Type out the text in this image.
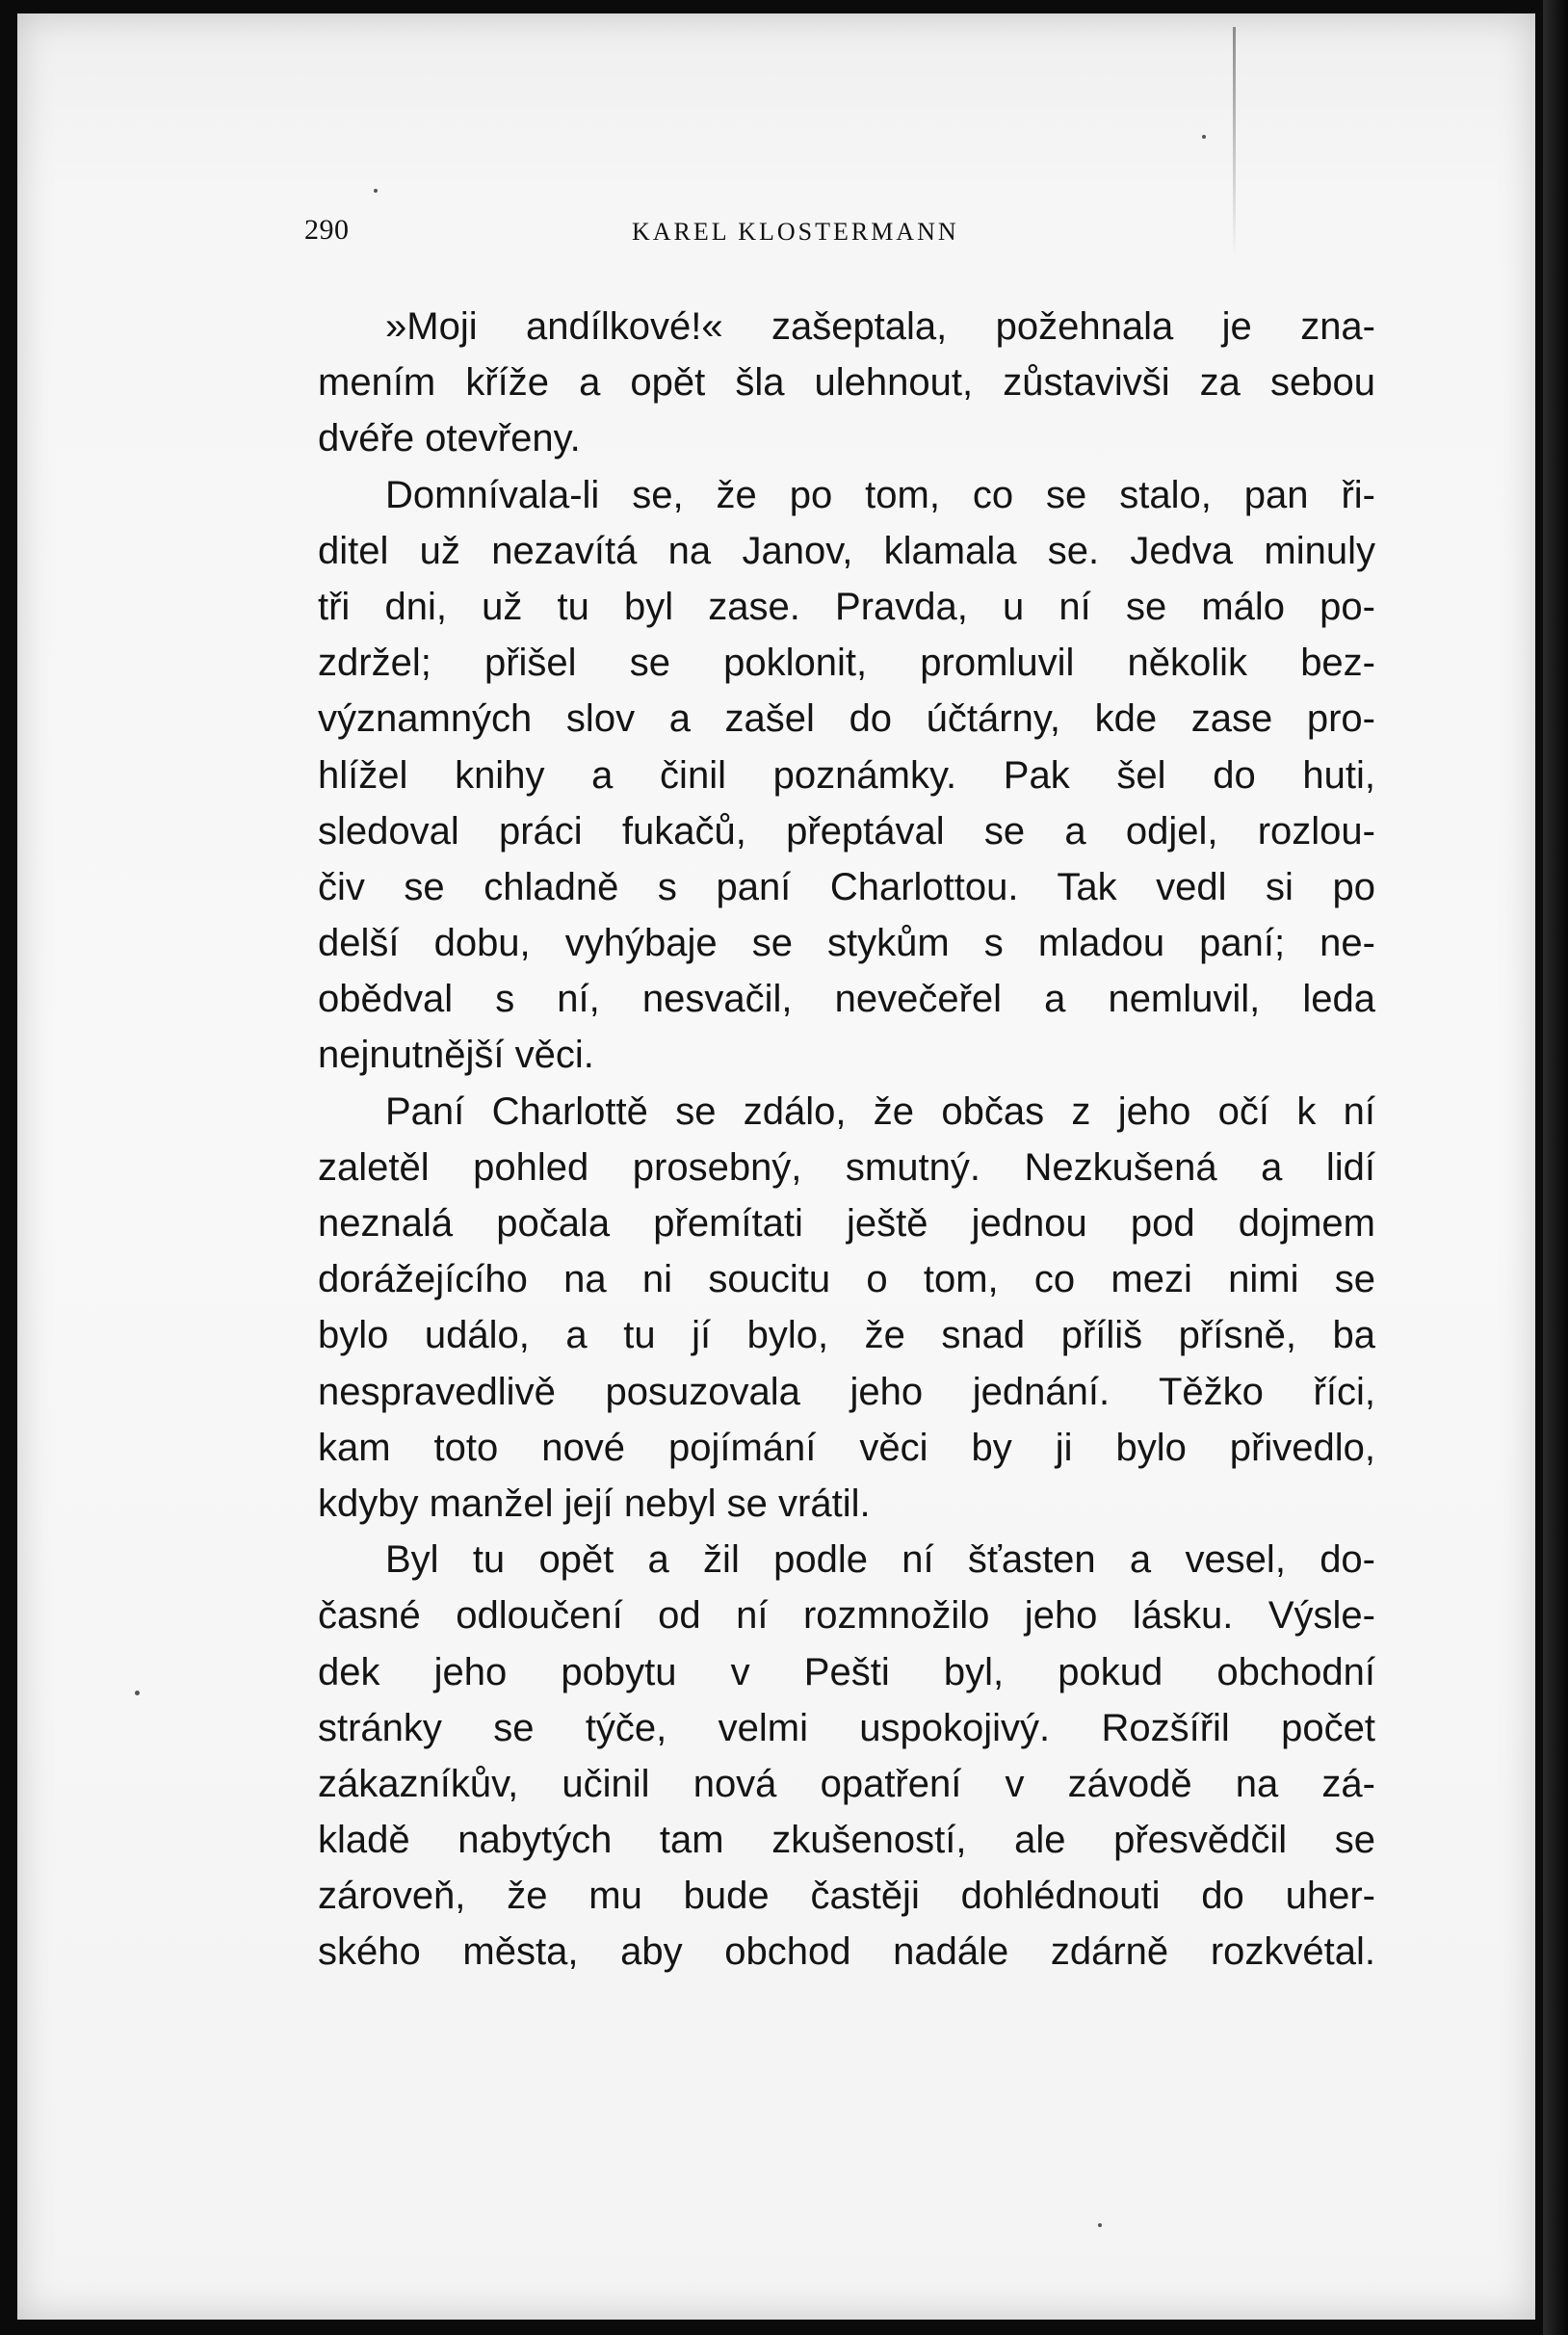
290	KAREL KLOSTERMANN
»Moji andílkové!« zašeptala, požehnala je zna-
mením kříže a opět šla ulehnout, zůstavivši za sebou
dvéře otevřeny.
Domnívala-li se, že po tom, co se stalo, pan ři-
ditel už nezavítá na Janov, klamala se. Jedva minuly
tři dni, už tu byl zase. Pravda, u ní se málo po-
zdržel; přišel se poklonit, promluvil několik bez-
významných slov a zašel do účtárny, kde zase pro-
hlížel knihy a činil poznámky. Pak šel do huti,
sledoval práci fukačů, přeptával se a odjel, rozlou-
čiv se chladně s paní Charlottou. Tak vedl si po
delší dobu, vyhýbaje se stykům s mladou paní; ne-
obědval s ní, nesvačil, nevečeřel a nemluvil, leda
nejnutnější věci.
Paní Charlottě se zdálo, že občas z jeho očí k ní
zaletěl pohled prosebný, smutný. Nezkušená a lidí
neznalá počala přemítati ještě jednou pod dojmem
dorážejícího na ni soucitu o tom, co mezi nimi se
bylo událo, a tu jí bylo, že snad příliš přísně, ba
nespravedlivě posuzovala jeho jednání. Těžko říci,
kam toto nové pojímání věci by ji bylo přivedlo,
kdyby manžel její nebyl se vrátil.
Byl tu opět a žil podle ní šťasten a vesel, do-
časné odloučení od ní rozmnožilo jeho lásku. Výsle-
dek jeho pobytu v Pešti byl, pokud obchodní
stránky se týče, velmi uspokojivý. Rozšířil počet
zákazníkův, učinil nová opatření v závodě na zá-
kladě nabytých tam zkušeností, ale přesvědčil se
zároveň, že mu bude častěji dohlédnouti do uher-
ského města, aby obchod nadále zdárně rozkvétal.
